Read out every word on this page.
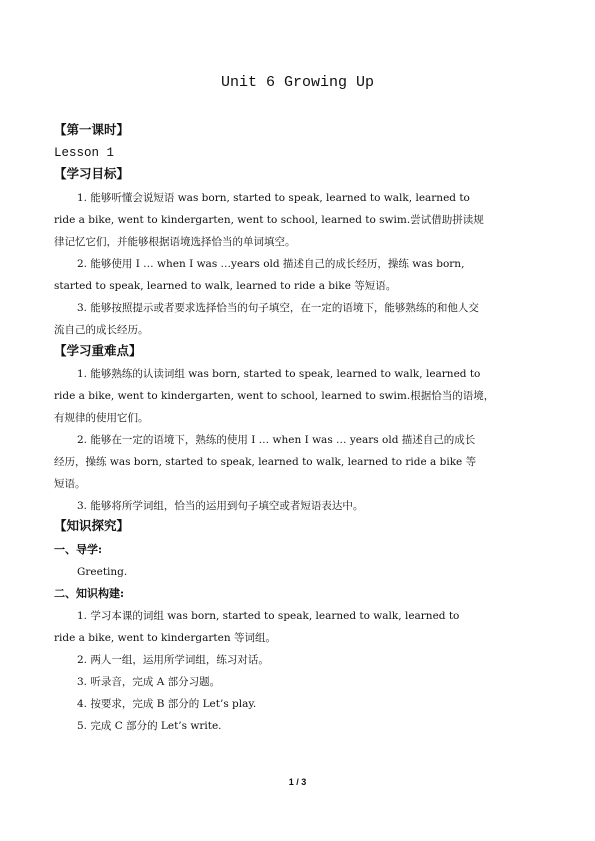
Unit 6 Growing Up
【第一课时】
Lesson 1
【学习目标】
1. 能够听懂会说短语 was born, started to speak, learned to walk, learned to
ride a bike, went to kindergarten, went to school, learned to swim.尝试借助拼读规
律记忆它们，并能够根据语境选择恰当的单词填空。
2. 能够使用 I … when I was …years old 描述自己的成长经历，操练 was born,
started to speak, learned to walk, learned to ride a bike 等短语。
3. 能够按照提示或者要求选择恰当的句子填空，在一定的语境下，能够熟练的和他人交
流自己的成长经历。
【学习重难点】
1. 能够熟练的认读词组 was born, started to speak, learned to walk, learned to
ride a bike, went to kindergarten, went to school, learned to swim.根据恰当的语境，
有规律的使用它们。
2. 能够在一定的语境下，熟练的使用 I … when I was … years old 描述自己的成长
经历，操练 was born, started to speak, learned to walk, learned to ride a bike 等
短语。
3. 能够将所学词组，恰当的运用到句子填空或者短语表达中。
【知识探究】
一、导学:
Greeting.
二、知识构建:
1. 学习本课的词组 was born, started to speak, learned to walk, learned to
ride a bike, went to kindergarten 等词组。
2. 两人一组，运用所学词组，练习对话。
3. 听录音，完成 A 部分习题。
4. 按要求，完成 B 部分的 Let’s play.
5. 完成 C 部分的 Let’s write.
1 / 3
